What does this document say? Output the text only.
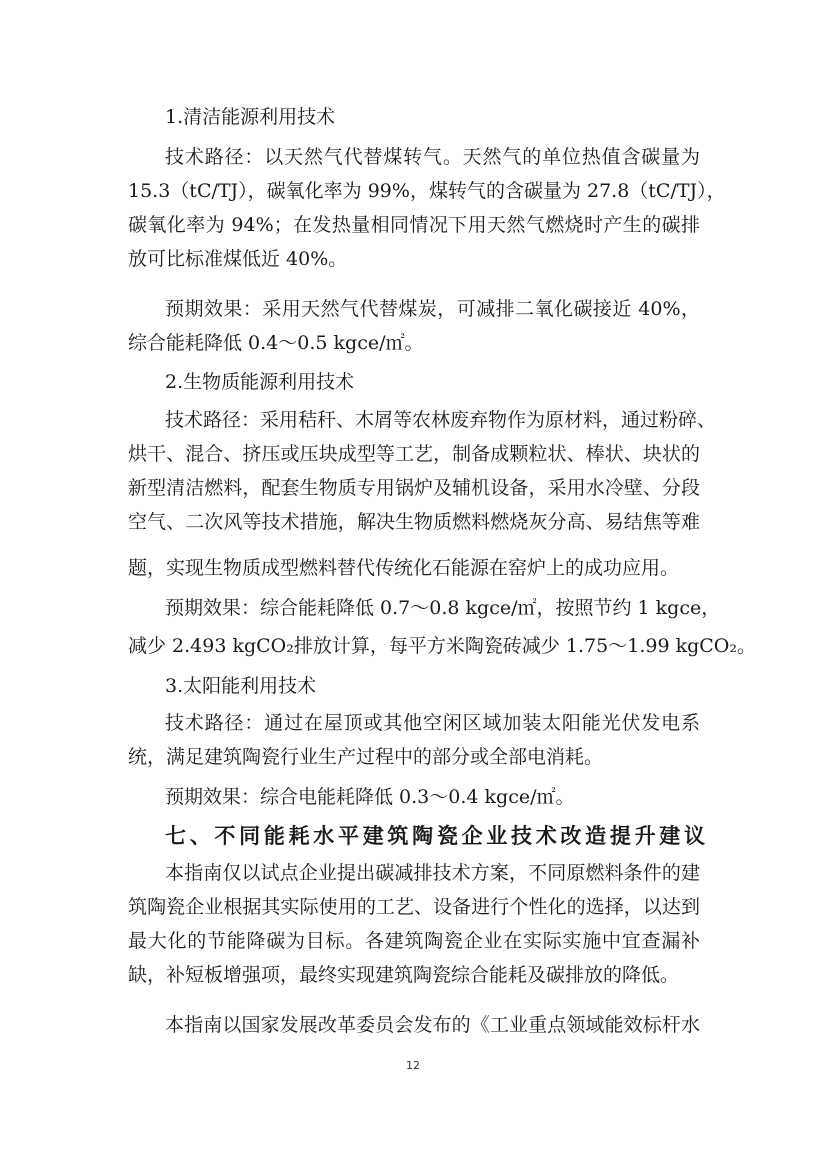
1.清洁能源利用技术
技术路径：以天然气代替煤转气。天然气的单位热值含碳量为
15.3（tC/TJ），碳氧化率为 99%，煤转气的含碳量为 27.8（tC/TJ），
碳氧化率为 94%；在发热量相同情况下用天然气燃烧时产生的碳排
放可比标准煤低近 40%。
预期效果：采用天然气代替煤炭，可减排二氧化碳接近 40%，
综合能耗降低 0.4～0.5 kgce/㎡。
2.生物质能源利用技术
技术路径：采用秸秆、木屑等农林废弃物作为原材料，通过粉碎、
烘干、混合、挤压或压块成型等工艺，制备成颗粒状、棒状、块状的
新型清洁燃料，配套生物质专用锅炉及辅机设备，采用水冷壁、分段
空气、二次风等技术措施，解决生物质燃料燃烧灰分高、易结焦等难
题，实现生物质成型燃料替代传统化石能源在窑炉上的成功应用。
预期效果：综合能耗降低 0.7～0.8 kgce/㎡，按照节约 1 kgce，
减少 2.493 kgCO₂排放计算，每平方米陶瓷砖减少 1.75～1.99 kgCO₂。
3.太阳能利用技术
技术路径：通过在屋顶或其他空闲区域加装太阳能光伏发电系
统，满足建筑陶瓷行业生产过程中的部分或全部电消耗。
预期效果：综合电能耗降低 0.3～0.4 kgce/㎡。
七、不同能耗水平建筑陶瓷企业技术改造提升建议
本指南仅以试点企业提出碳减排技术方案，不同原燃料条件的建
筑陶瓷企业根据其实际使用的工艺、设备进行个性化的选择，以达到
最大化的节能降碳为目标。各建筑陶瓷企业在实际实施中宜查漏补
缺，补短板增强项，最终实现建筑陶瓷综合能耗及碳排放的降低。
本指南以国家发展改革委员会发布的《工业重点领域能效标杆水
12
